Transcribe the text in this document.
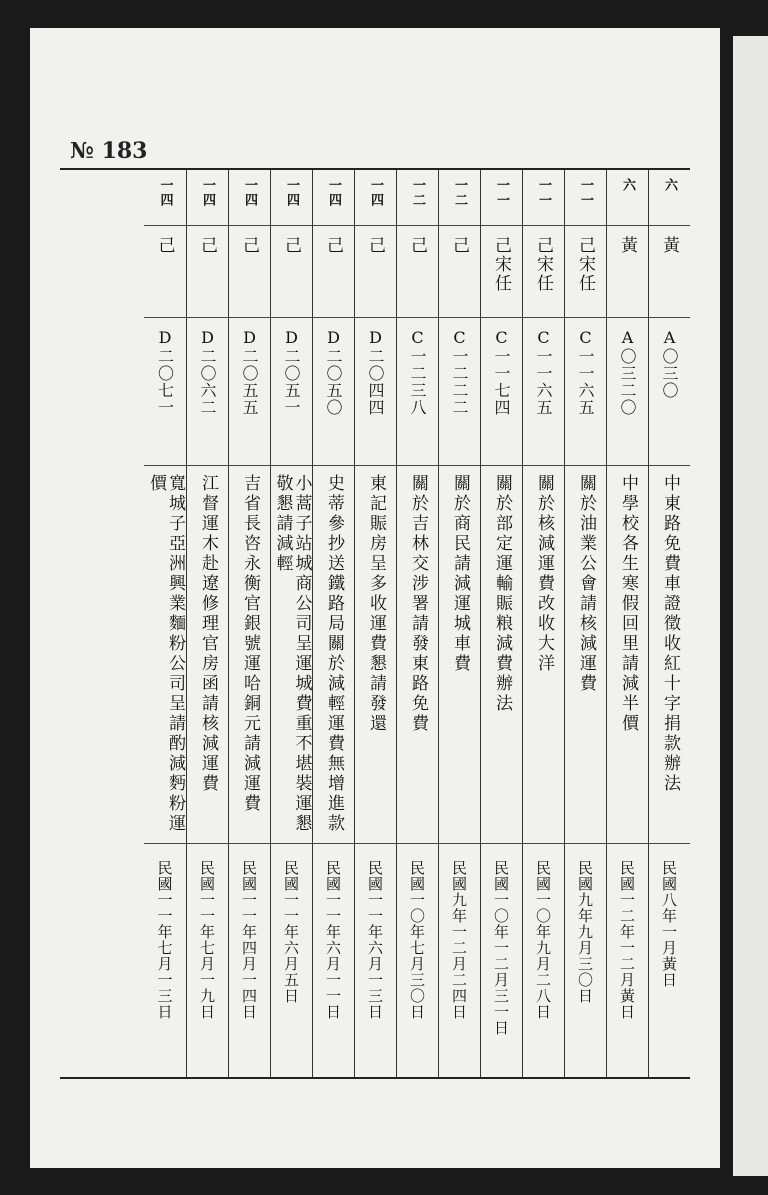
№ 183
六
黃
A〇三〇
中東路免費車證徵收紅十字捐款辦法
民國八年一月黃日
六
黃
A〇三二〇
中學校各生寒假回里請減半價
民國一二年一二月黃日
一一
己宋任
C一一六五
關於油業公會請核減運費
民國九年九月三〇日
一一
己宋任
C一一六五
關於核減運費改收大洋
民國一〇年九月二八日
一一
己宋任
C一一七四
關於部定運輸賑粮減費辦法
民國一〇年一二月三一日
一二
己
C一二二二
關於商民請減運城車費
民國九年一二月二四日
一二
己
C一二三八
關於吉林交涉署請發東路免費
民國一〇年七月三〇日
一四
己
D二〇四四
東記賑房呈多收運費懇請發還
民國一一年六月一三日
一四
己
D二〇五〇
史蒂參抄送鐵路局關於減輕運費無增進款
民國一一年六月一一日
一四
己
D二〇五一
小蒿子站城商公司呈運城費重不堪裝運懇敬懇請減輕
民國一一年六月五日
一四
己
D二〇五五
吉省長咨永衡官銀號運哈銅元請減運費
民國一一年四月一四日
一四
己
D二〇六二
江督運木赴遼修理官房函請核減運費
民國一一年七月一九日
一四
己
D二〇七一
寬城子亞洲興業麵粉公司呈請酌減麪粉運價
民國一一年七月一三日
